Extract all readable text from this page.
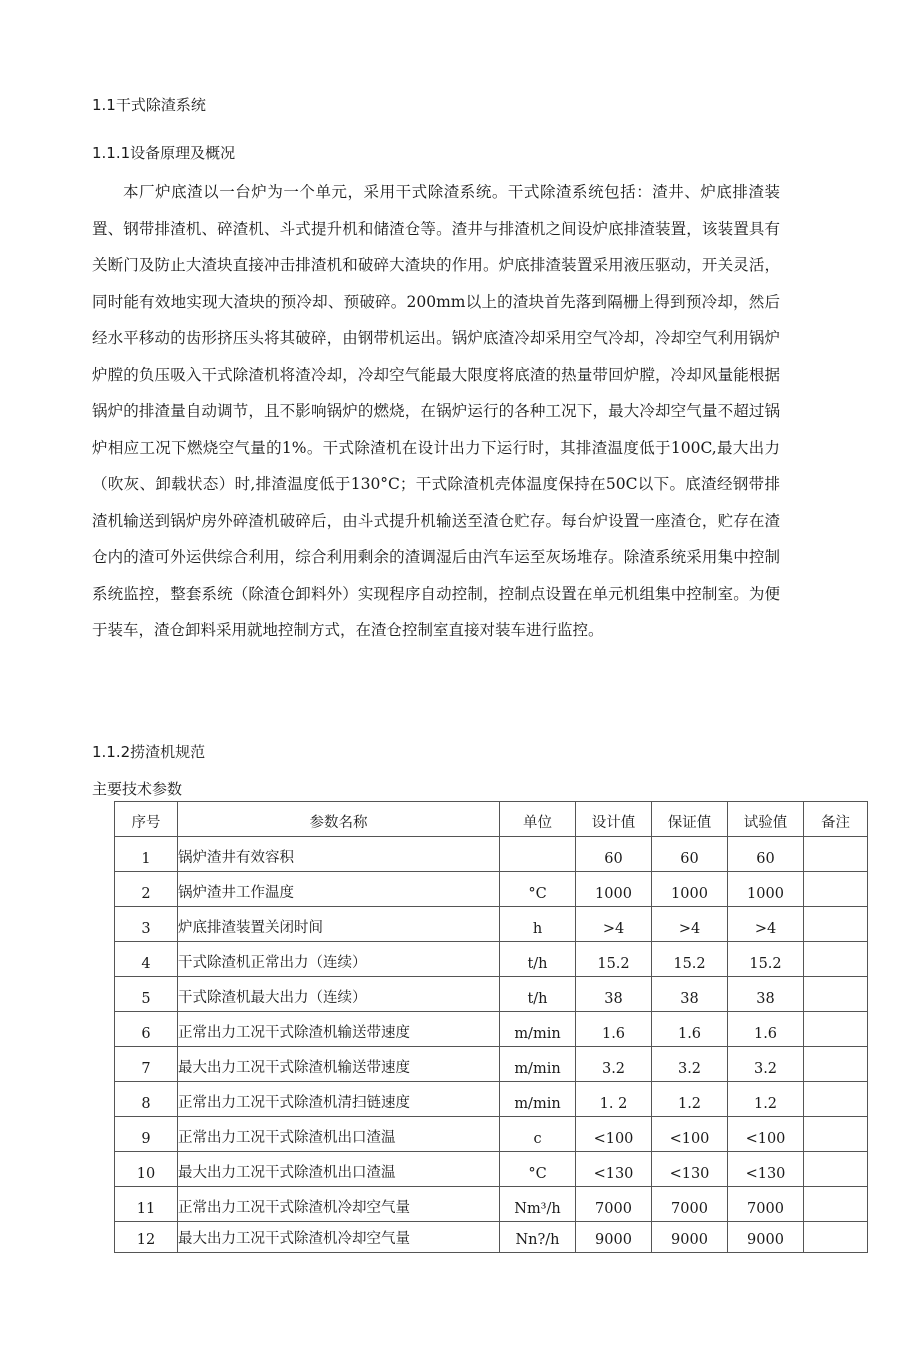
1.1干式除渣系统
1.1.1设备原理及概况

本厂炉底渣以一台炉为一个单元，采用干式除渣系统。干式除渣系统包括：渣井、炉底排渣装置、钢带排渣机、碎渣机、斗式提升机和储渣仓等。渣井与排渣机之间设炉底排渣装置，该装置具有关断门及防止大渣块直接冲击排渣机和破碎大渣块的作用。炉底排渣装置采用液压驱动，开关灵活，同时能有效地实现大渣块的预冷却、预破碎。200mm以上的渣块首先落到隔栅上得到预冷却，然后经水平移动的齿形挤压头将其破碎，由钢带机运出。锅炉底渣冷却采用空气冷却，冷却空气利用锅炉炉膛的负压吸入干式除渣机将渣冷却，冷却空气能最大限度将底渣的热量带回炉膛，冷却风量能根据锅炉的排渣量自动调节，且不影响锅炉的燃烧，在锅炉运行的各种工况下，最大冷却空气量不超过锅炉相应工况下燃烧空气量的1%。干式除渣机在设计出力下运行时，其排渣温度低于100C,最大出力（吹灰、卸载状态）时,排渣温度低于130°C；干式除渣机壳体温度保持在50C以下。底渣经钢带排渣机输送到锅炉房外碎渣机破碎后，由斗式提升机输送至渣仓贮存。每台炉设置一座渣仓，贮存在渣仓内的渣可外运供综合利用，综合利用剩余的渣调湿后由汽车运至灰场堆存。除渣系统采用集中控制系统监控，整套系统（除渣仓卸料外）实现程序自动控制，控制点设置在单元机组集中控制室。为便于装车，渣仓卸料采用就地控制方式，在渣仓控制室直接对装车进行监控。

1.1.2捞渣机规范
主要技术参数
序号	参数名称	单位	设计值	保证值	试验值	备注
1	锅炉渣井有效容积		60	60	60	
2	锅炉渣井工作温度	°C	1000	1000	1000	
3	炉底排渣装置关闭时间	h	>4	>4	>4	
4	干式除渣机正常出力（连续）	t/h	15.2	15.2	15.2	
5	干式除渣机最大出力（连续）	t/h	38	38	38	
6	正常出力工况干式除渣机输送带速度	m/min	1.6	1.6	1.6	
7	最大出力工况干式除渣机输送带速度	m/min	3.2	3.2	3.2	
8	正常出力工况干式除渣机清扫链速度	m/min	1. 2	1.2	1.2	
9	正常出力工况干式除渣机出口渣温	c	<100	<100	<100	
10	最大出力工况干式除渣机出口渣温	°C	<130	<130	<130	
11	正常出力工况干式除渣机冷却空气量	Nm³/h	7000	7000	7000	
12	最大出力工况干式除渣机冷却空气量	Nn?/h	9000	9000	9000	
